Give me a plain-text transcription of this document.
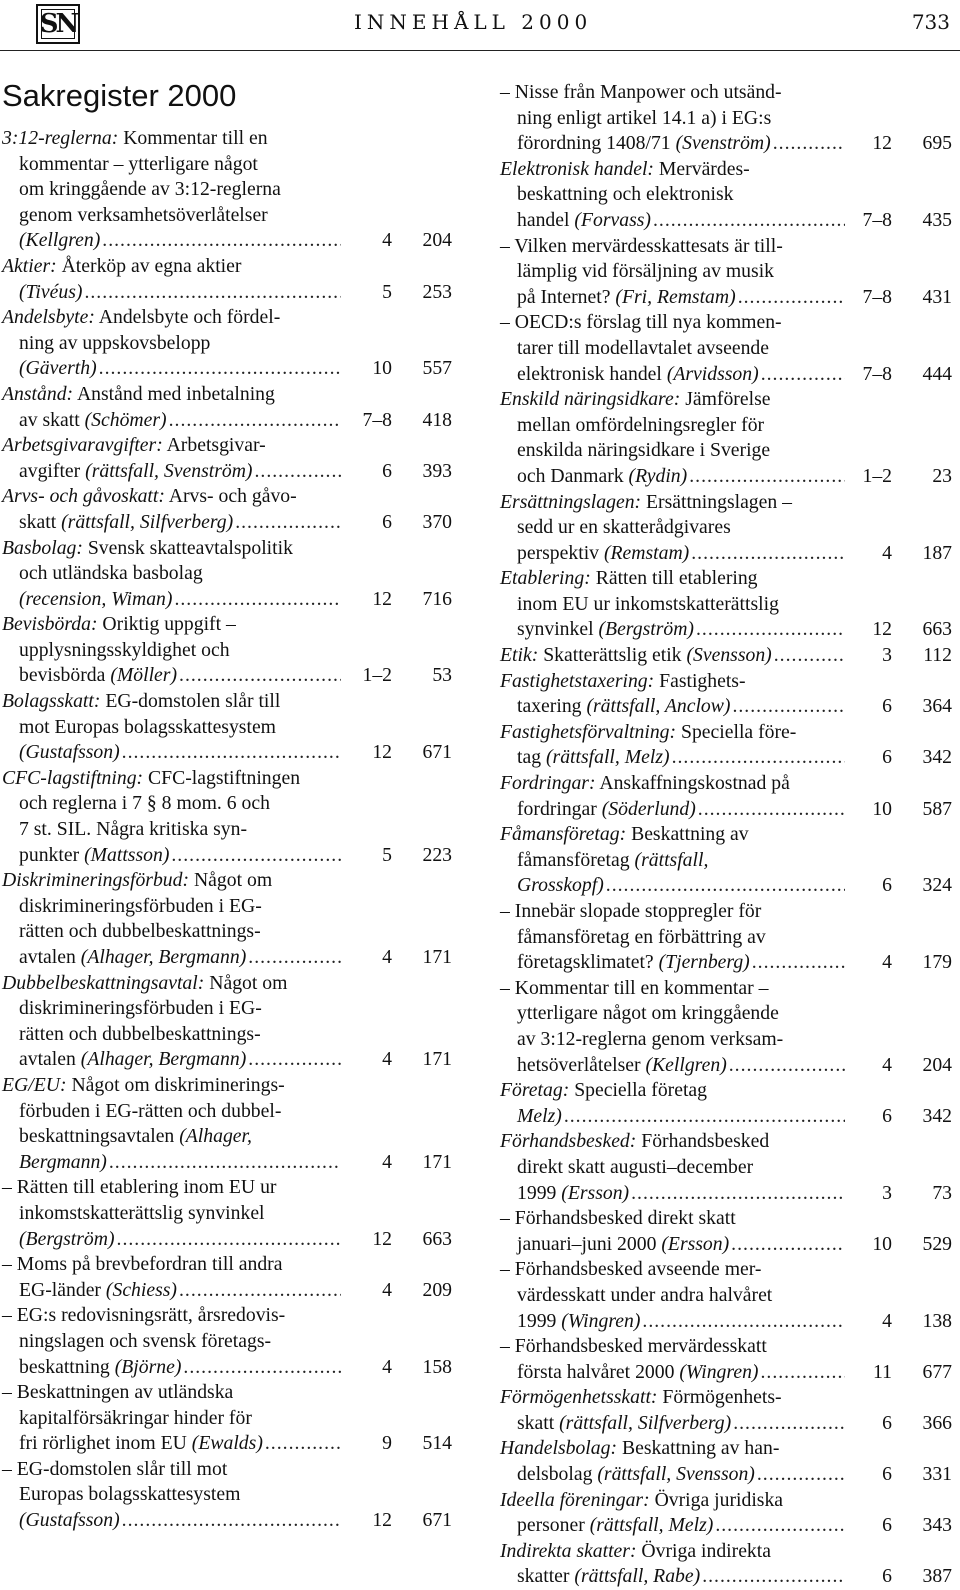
SN	INNEHÅLL 2000	733
Sakregister 2000
3:12-reglerna: Kommentar till en
kommentar – ytterligare något
om kringgående av 3:12-reglerna
genom verksamhetsöverlåtelser
(Kellgren) .....	4	204
Aktier: Återköp av egna aktier
(Tivéus) .....	5	253
Andelsbyte: Andelsbyte och fördel-
ning av uppskovsbelopp
(Gäverth) .....	10	557
Anstånd: Anstånd med inbetalning
av skatt (Schömer) .....	7–8	418
Arbetsgivaravgifter: Arbetsgivar-
avgifter (rättsfall, Svenström) .....	6	393
Arvs- och gåvoskatt: Arvs- och gåvo-
skatt (rättsfall, Silfverberg) .....	6	370
Basbolag: Svensk skatteavtalspolitik
och utländska basbolag
(recension, Wiman) .....	12	716
Bevisbörda: Oriktig uppgift –
upplysningsskyldighet och
bevisbörda (Möller) .....	1–2	53
Bolagsskatt: EG-domstolen slår till
mot Europas bolagsskattesystem
(Gustafsson) .....	12	671
CFC-lagstiftning: CFC-lagstiftningen
och reglerna i 7 § 8 mom. 6 och
7 st. SIL. Några kritiska syn-
punkter (Mattsson) .....	5	223
Diskrimineringsförbud: Något om
diskrimineringsförbuden i EG-
rätten och dubbelbeskattnings-
avtalen (Alhager, Bergmann) .....	4	171
Dubbelbeskattningsavtal: Något om
diskrimineringsförbuden i EG-
rätten och dubbelbeskattnings-
avtalen (Alhager, Bergmann) .....	4	171
EG/EU: Något om diskriminerings-
förbuden i EG-rätten och dubbel-
beskattningsavtalen (Alhager,
Bergmann) .....	4	171
– Rätten till etablering inom EU ur
inkomstskatterättslig synvinkel
(Bergström) .....	12	663
– Moms på brevbefordran till andra
EG-länder (Schiess) .....	4	209
– EG:s redovisningsrätt, årsredovis-
ningslagen och svensk företags-
beskattning (Björne) .....	4	158
– Beskattningen av utländska
kapitalförsäkringar hinder för
fri rörlighet inom EU (Ewalds) .....	9	514
– EG-domstolen slår till mot
Europas bolagsskattesystem
(Gustafsson) .....	12	671
– Nisse från Manpower och utsänd-
ning enligt artikel 14.1 a) i EG:s
förordning 1408/71 (Svenström) .....	12	695
Elektronisk handel: Mervärdes-
beskattning och elektronisk
handel (Forvass) .....	7–8	435
– Vilken mervärdesskattesats är till-
lämplig vid försäljning av musik
på Internet? (Fri, Remstam) .....	7–8	431
– OECD:s förslag till nya kommen-
tarer till modellavtalet avseende
elektronisk handel (Arvidsson) .....	7–8	444
Enskild näringsidkare: Jämförelse
mellan omfördelningsregler för
enskilda näringsidkare i Sverige
och Danmark (Rydin) .....	1–2	23
Ersättningslagen: Ersättningslagen –
sedd ur en skatterådgivares
perspektiv (Remstam) .....	4	187
Etablering: Rätten till etablering
inom EU ur inkomstskatterättslig
synvinkel (Bergström) .....	12	663
Etik: Skatterättslig etik (Svensson) .....	3	112
Fastighetstaxering: Fastighets-
taxering (rättsfall, Anclow) .....	6	364
Fastighetsförvaltning: Speciella före-
tag (rättsfall, Melz) .....	6	342
Fordringar: Anskaffningskostnad på
fordringar (Söderlund) .....	10	587
Fåmansföretag: Beskattning av
fåmansföretag (rättsfall,
Grosskopf) .....	6	324
– Innebär slopade stoppregler för
fåmansföretag en förbättring av
företagsklimatet? (Tjernberg) .....	4	179
– Kommentar till en kommentar –
ytterligare något om kringgående
av 3:12-reglerna genom verksam-
hetsöverlåtelser (Kellgren) .....	4	204
Företag: Speciella företag
Melz) .....	6	342
Förhandsbesked: Förhandsbesked
direkt skatt augusti–december
1999 (Ersson) .....	3	73
– Förhandsbesked direkt skatt
januari–juni 2000 (Ersson) .....	10	529
– Förhandsbesked avseende mer-
värdesskatt under andra halvåret
1999 (Wingren) .....	4	138
– Förhandsbesked mervärdesskatt
första halvåret 2000 (Wingren) .....	11	677
Förmögenhetsskatt: Förmögenhets-
skatt (rättsfall, Silfverberg) .....	6	366
Handelsbolag: Beskattning av han-
delsbolag (rättsfall, Svensson) .....	6	331
Ideella föreningar: Övriga juridiska
personer (rättsfall, Melz) .....	6	343
Indirekta skatter: Övriga indirekta
skatter (rättsfall, Rabe) .....	6	387
